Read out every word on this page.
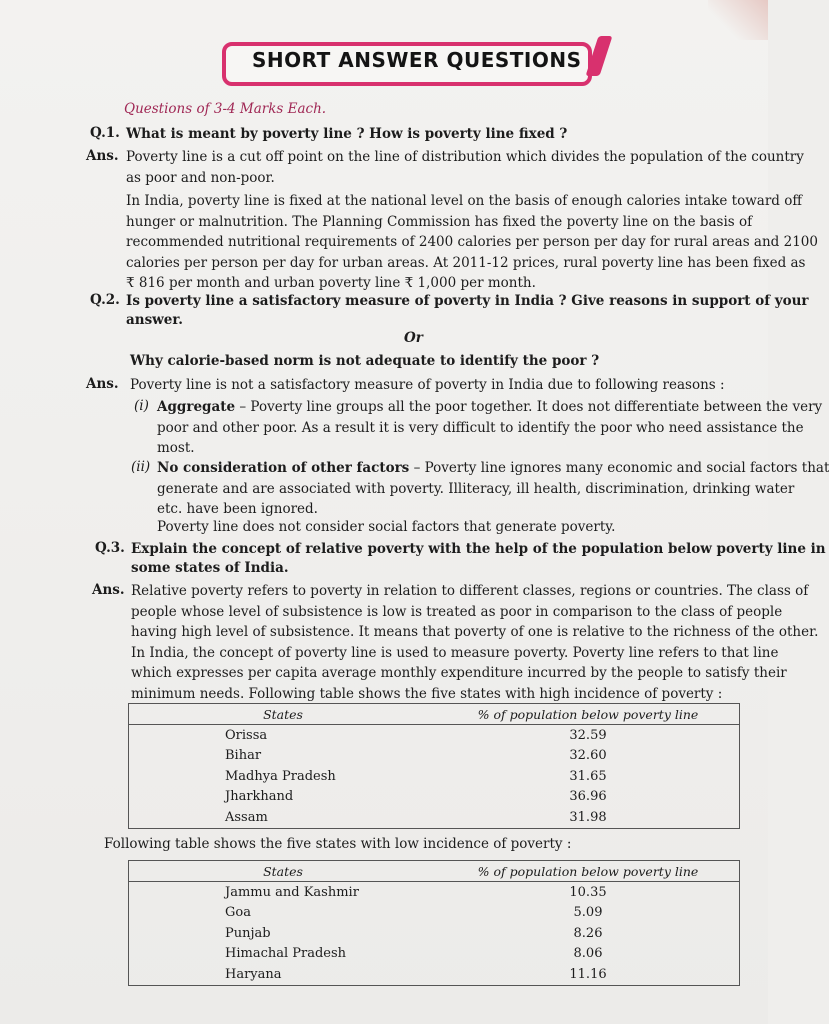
SHORT ANSWER QUESTIONS
Questions of 3-4 Marks Each.
Q.1. What is meant by poverty line ? How is poverty line fixed ?
Ans. Poverty line is a cut off point on the line of distribution which divides the population of the country
as poor and non-poor.
In India, poverty line is fixed at the national level on the basis of enough calories intake toward off
hunger or malnutrition. The Planning Commission has fixed the poverty line on the basis of
recommended nutritional requirements of 2400 calories per person per day for rural areas and 2100
calories per person per day for urban areas. At 2011-12 prices, rural poverty line has been fixed as
₹ 816 per month and urban poverty line ₹ 1,000 per month.
Q.2. Is poverty line a satisfactory measure of poverty in India ? Give reasons in support of your
answer.
Or
Why calorie-based norm is not adequate to identify the poor ?
Ans. Poverty line is not a satisfactory measure of poverty in India due to following reasons :
(i) Aggregate – Poverty line groups all the poor together. It does not differentiate between the very
poor and other poor. As a result it is very difficult to identify the poor who need assistance the
most.
(ii) No consideration of other factors – Poverty line ignores many economic and social factors that
generate and are associated with poverty. Illiteracy, ill health, discrimination, drinking water
etc. have been ignored.
Poverty line does not consider social factors that generate poverty.
Q.3. Explain the concept of relative poverty with the help of the population below poverty line in
some states of India.
Ans. Relative poverty refers to poverty in relation to different classes, regions or countries. The class of
people whose level of subsistence is low is treated as poor in comparison to the class of people
having high level of subsistence. It means that poverty of one is relative to the richness of the other.
In India, the concept of poverty line is used to measure poverty. Poverty line refers to that line
which expresses per capita average monthly expenditure incurred by the people to satisfy their
minimum needs. Following table shows the five states with high incidence of poverty :
States	% of population below poverty line
Orissa	32.59
Bihar	32.60
Madhya Pradesh	31.65
Jharkhand	36.96
Assam	31.98
Following table shows the five states with low incidence of poverty :
States	% of population below poverty line
Jammu and Kashmir	10.35
Goa	5.09
Punjab	8.26
Himachal Pradesh	8.06
Haryana	11.16
